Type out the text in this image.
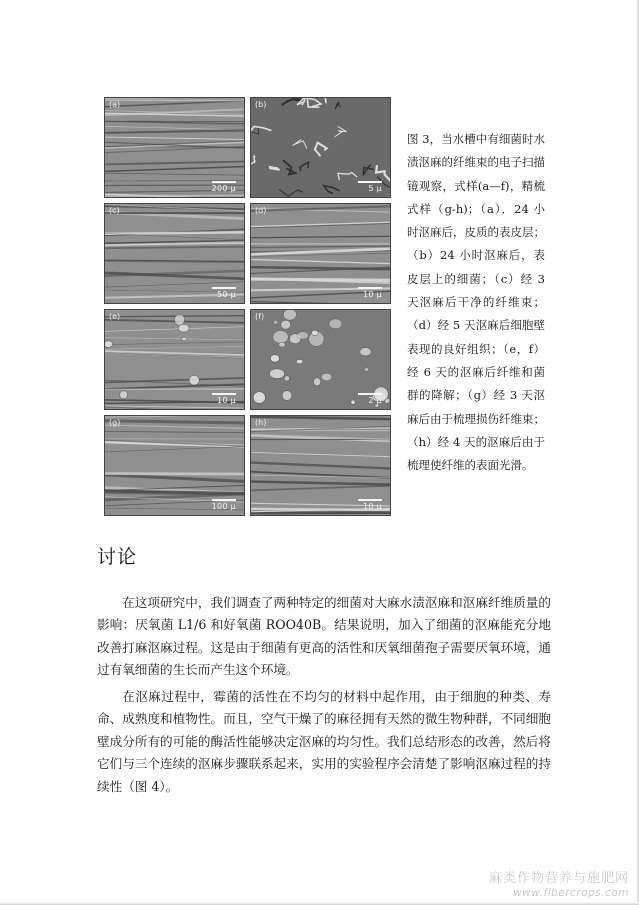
(a)
200 μ
(b)
5 μ
(c)
50 μ
(d)
10 μ
(e)
10 μ
(f)
2 μ
(g)
100 μ
(h)
10 μ
图 3，当水槽中有细菌时水渍沤麻的纤维束的电子扫描镜观察，式样(a—f)，精梳式样（g-h)；（a）．24 小时沤麻后，皮质的表皮层；（b）24 小时沤麻后，表皮层上的细菌；（c）经 3 天沤麻后干净的纤维束；（d）经 5 天沤麻后细胞壁表现的良好组织；（e，f）经 6 天的沤麻后纤维和菌群的降解；（g）经 3 天沤麻后由于梳理损伤纤维束；（h）经 4 天的沤麻后由于梳理使纤维的表面光滑。
讨论

在这项研究中，我们调查了两种特定的细菌对大麻水渍沤麻和沤麻纤维质量的影响：厌氧菌 L1/6 和好氧菌 ROO40B。结果说明，加入了细菌的沤麻能充分地改善打麻沤麻过程。这是由于细菌有更高的活性和厌氧细菌孢子需要厌氧环境，通过有氧细菌的生长而产生这个环境。

在沤麻过程中，霉菌的活性在不均匀的材料中起作用，由于细胞的种类、寿命、成熟度和植物性。而且，空气干燥了的麻径拥有天然的微生物种群，不同细胞壁成分所有的可能的酶活性能够决定沤麻的均匀性。我们总结形态的改善，然后将它们与三个连续的沤麻步骤联系起来，实用的实验程序会清楚了影响沤麻过程的持续性（图 4）。

麻类作物营养与施肥网
www.fibercrops.com
